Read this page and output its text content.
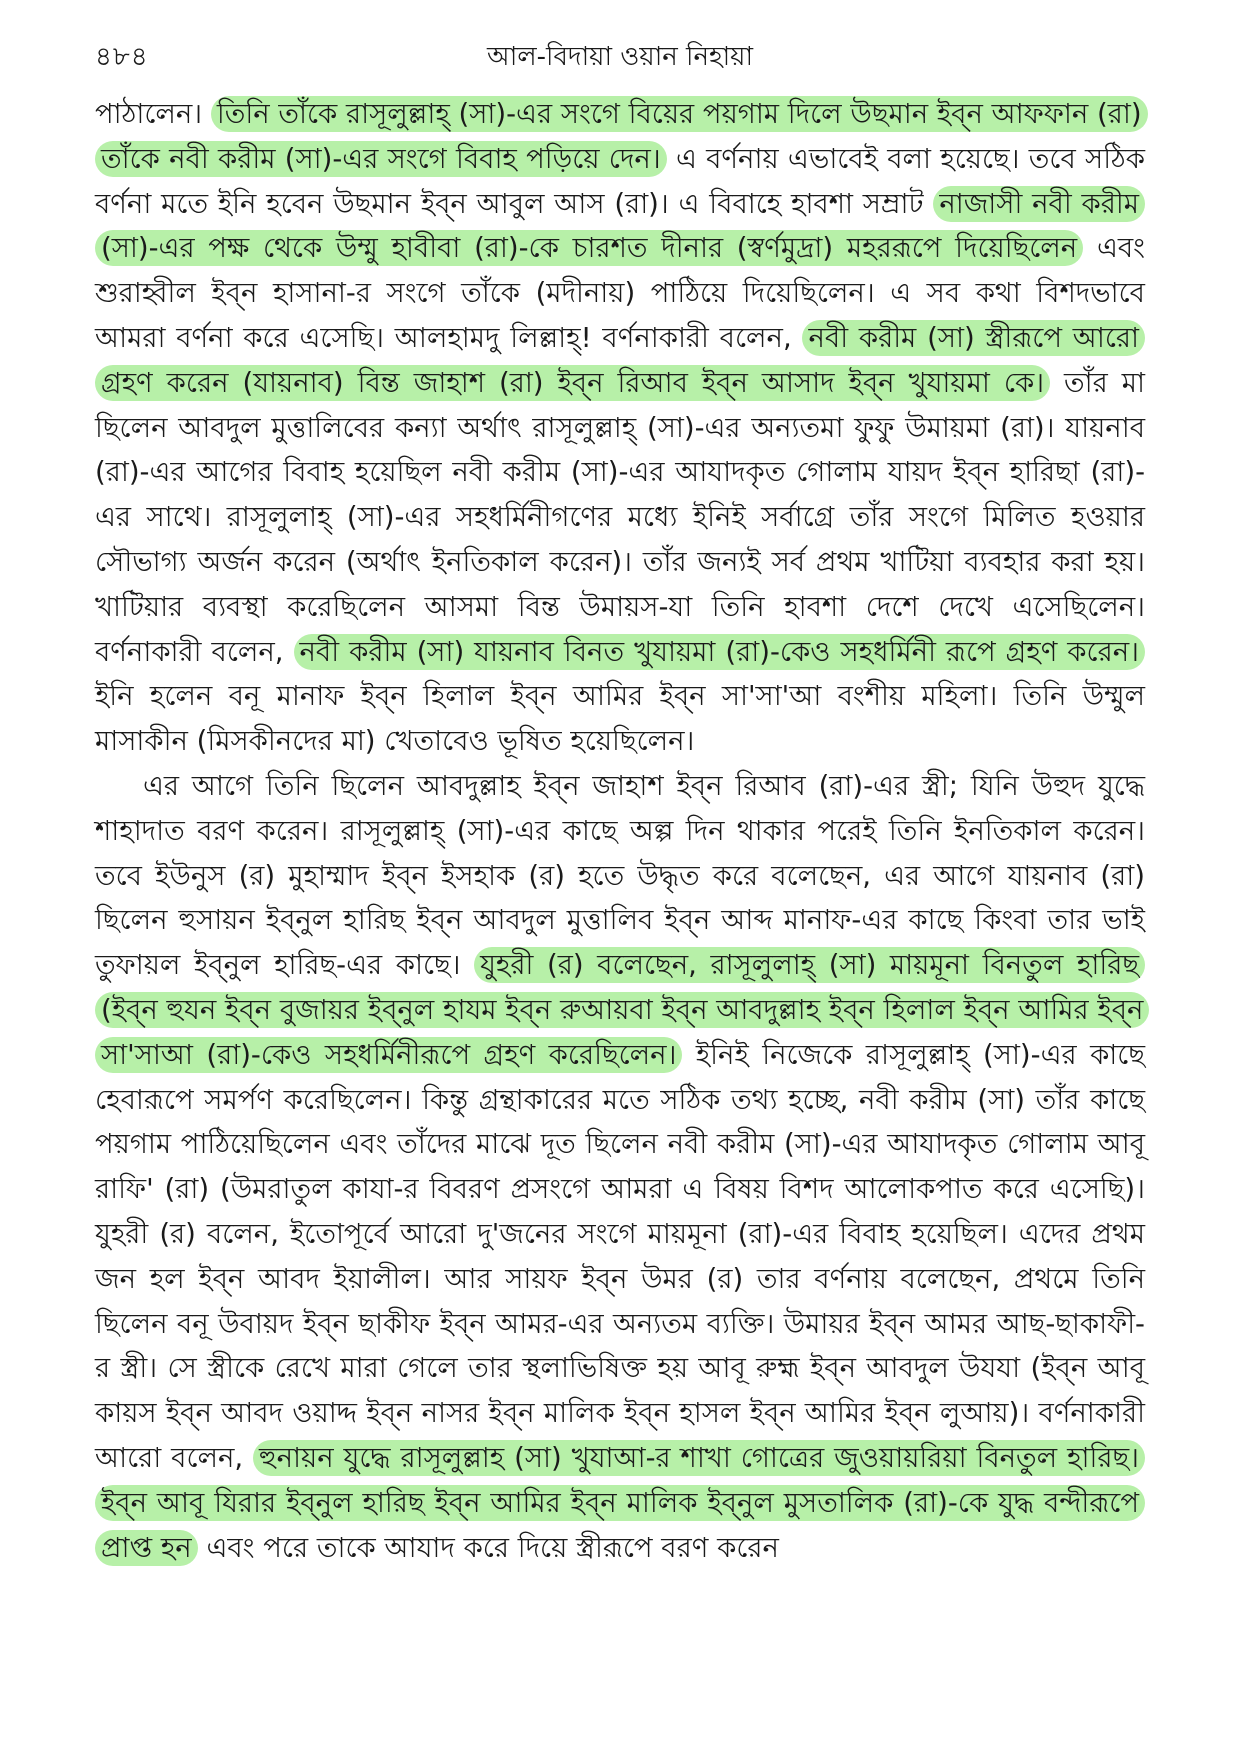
৪৮৪	আল-বিদায়া ওয়ান নিহায়া

পাঠালেন। তিনি তাঁকে রাসূলুল্লাহ্ (সা)-এর সংগে বিয়ের পয়গাম দিলে উছমান ইব্ন আফফান (রা) তাঁকে নবী করীম (সা)-এর সংগে বিবাহ পড়িয়ে দেন। এ বর্ণনায় এভাবেই বলা হয়েছে। তবে সঠিক বর্ণনা মতে ইনি হবেন উছমান ইব্ন আবুল আস (রা)। এ বিবাহে হাবশা সম্রাট নাজাসী নবী করীম (সা)-এর পক্ষ থেকে উম্মু হাবীবা (রা)-কে চারশত দীনার (স্বর্ণমুদ্রা) মহররূপে দিয়েছিলেন এবং শুরাহ্বীল ইব্ন হাসানা-র সংগে তাঁকে (মদীনায়) পাঠিয়ে দিয়েছিলেন। এ সব কথা বিশদভাবে আমরা বর্ণনা করে এসেছি। আলহামদু লিল্লাহ্! বর্ণনাকারী বলেন, নবী করীম (সা) স্ত্রীরূপে আরো গ্রহণ করেন (যায়নাব) বিন্ত জাহাশ (রা) ইব্ন রিআব ইব্ন আসাদ ইব্ন খুযায়মা কে। তাঁর মা ছিলেন আবদুল মুত্তালিবের কন্যা অর্থাৎ রাসূলুল্লাহ্ (সা)-এর অন্যতমা ফুফু উমায়মা (রা)। যায়নাব (রা)-এর আগের বিবাহ হয়েছিল নবী করীম (সা)-এর আযাদকৃত গোলাম যায়দ ইব্ন হারিছা (রা)-এর সাথে। রাসূলুলাহ্ (সা)-এর সহধর্মিনীগণের মধ্যে ইনিই সর্বাগ্রে তাঁর সংগে মিলিত হওয়ার সৌভাগ্য অর্জন করেন (অর্থাৎ ইনতিকাল করেন)। তাঁর জন্যই সর্ব প্রথম খাটিয়া ব্যবহার করা হয়। খাটিয়ার ব্যবস্থা করেছিলেন আসমা বিন্ত উমায়স-যা তিনি হাবশা দেশে দেখে এসেছিলেন। বর্ণনাকারী বলেন, নবী করীম (সা) যায়নাব বিনত খুযায়মা (রা)-কেও সহধর্মিনী রূপে গ্রহণ করেন। ইনি হলেন বনূ মানাফ ইব্ন হিলাল ইব্ন আমির ইব্ন সা'সা'আ বংশীয় মহিলা। তিনি উম্মুল মাসাকীন (মিসকীনদের মা) খেতাবেও ভূষিত হয়েছিলেন।

এর আগে তিনি ছিলেন আবদুল্লাহ ইব্ন জাহাশ ইব্ন রিআব (রা)-এর স্ত্রী; যিনি উহুদ যুদ্ধে শাহাদাত বরণ করেন। রাসূলুল্লাহ্ (সা)-এর কাছে অল্প দিন থাকার পরেই তিনি ইনতিকাল করেন। তবে ইউনুস (র) মুহাম্মাদ ইব্ন ইসহাক (র) হতে উদ্ধৃত করে বলেছেন, এর আগে যায়নাব (রা) ছিলেন হুসায়ন ইব্নুল হারিছ ইব্ন আবদুল মুত্তালিব ইব্ন আব্দ মানাফ-এর কাছে কিংবা তার ভাই তুফায়ল ইব্নুল হারিছ-এর কাছে। যুহরী (র) বলেছেন, রাসূলুলাহ্ (সা) মায়মূনা বিনতুল হারিছ (ইব্ন হুযন ইব্ন বুজায়র ইব্নুল হাযম ইব্ন রুআয়বা ইব্ন আবদুল্লাহ ইব্ন হিলাল ইব্ন আমির ইব্ন সা'সাআ (রা)-কেও সহধর্মিনীরূপে গ্রহণ করেছিলেন। ইনিই নিজেকে রাসূলুল্লাহ্ (সা)-এর কাছে হেবারূপে সমর্পণ করেছিলেন। কিন্তু গ্রন্থাকারের মতে সঠিক তথ্য হচ্ছে, নবী করীম (সা) তাঁর কাছে পয়গাম পাঠিয়েছিলেন এবং তাঁদের মাঝে দূত ছিলেন নবী করীম (সা)-এর আযাদকৃত গোলাম আবূ রাফি' (রা) (উমরাতুল কাযা-র বিবরণ প্রসংগে আমরা এ বিষয় বিশদ আলোকপাত করে এসেছি)। যুহরী (র) বলেন, ইতোপূর্বে আরো দু'জনের সংগে মায়মূনা (রা)-এর বিবাহ হয়েছিল। এদের প্রথম জন হল ইব্ন আবদ ইয়ালীল। আর সায়ফ ইব্ন উমর (র) তার বর্ণনায় বলেছেন, প্রথমে তিনি ছিলেন বনূ উবায়দ ইব্ন ছাকীফ ইব্ন আমর-এর অন্যতম ব্যক্তি। উমায়র ইব্ন আমর আছ-ছাকাফী-র স্ত্রী। সে স্ত্রীকে রেখে মারা গেলে তার স্থলাভিষিক্ত হয় আবূ রুহ্ম ইব্ন আবদুল উযযা (ইব্ন আবূ কায়স ইব্ন আবদ ওয়াদ্দ ইব্ন নাসর ইব্ন মালিক ইব্ন হাসল ইব্ন আমির ইব্ন লুআয়)। বর্ণনাকারী আরো বলেন, হুনায়ন যুদ্ধে রাসূলুল্লাহ (সা) খুযাআ-র শাখা গোত্রের জুওয়ায়রিয়া বিনতুল হারিছ। ইব্ন আবূ যিরার ইব্নুল হারিছ ইব্ন আমির ইব্ন মালিক ইব্নুল মুসতালিক (রা)-কে যুদ্ধ বন্দীরূপে প্রাপ্ত হন এবং পরে তাকে আযাদ করে দিয়ে স্ত্রীরূপে বরণ করেন
